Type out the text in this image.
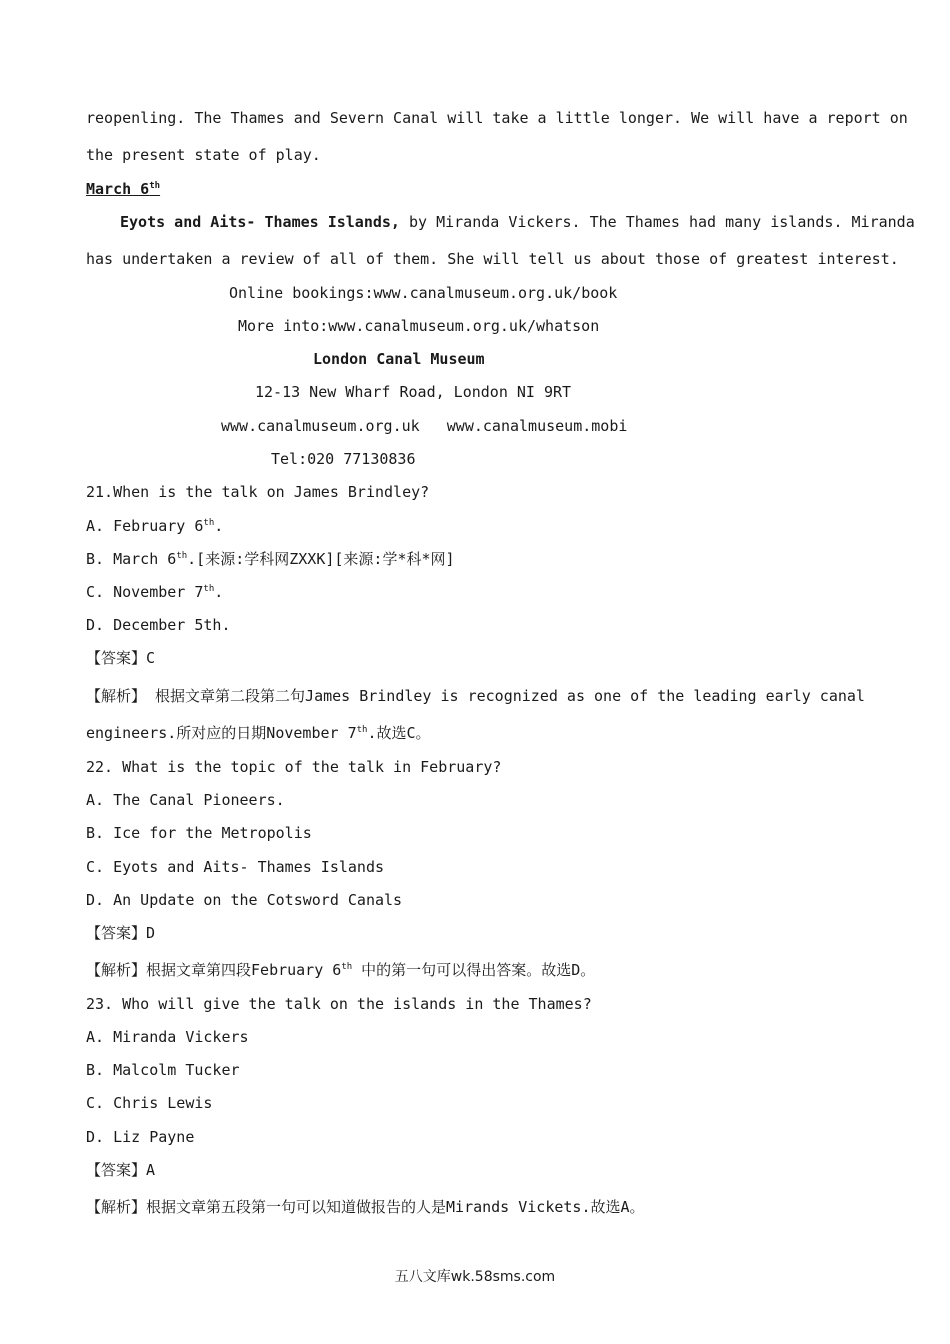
reopenling. The Thames and Severn Canal will take a little longer. We will have a report on
the present state of play.
March 6th
Eyots and Aits- Thames Islands, by Miranda Vickers. The Thames had many islands. Miranda
has undertaken a review of all of them. She will tell us about those of greatest interest.
Online bookings:www.canalmuseum.org.uk/book
More into:www.canalmuseum.org.uk/whatson
London Canal Museum
12-13 New Wharf Road, London NI 9RT
www.canalmuseum.org.uk   www.canalmuseum.mobi
Tel:020 77130836
21.When is the talk on James Brindley?
A. February 6th.
B. March 6th.[来源:学科网ZXXK][来源:学*科*网]
C. November 7th.
D. December 5th.
【答案】C
【解析】 根据文章第二段第二句James Brindley is recognized as one of the leading early canal
engineers.所对应的日期November 7th.故选C。
22. What is the topic of the talk in February?
A. The Canal Pioneers.
B. Ice for the Metropolis
C. Eyots and Aits- Thames Islands
D. An Update on the Cotsword Canals
【答案】D
【解析】根据文章第四段February 6th 中的第一句可以得出答案。故选D。
23. Who will give the talk on the islands in the Thames?
A. Miranda Vickers
B. Malcolm Tucker
C. Chris Lewis
D. Liz Payne
【答案】A
【解析】根据文章第五段第一句可以知道做报告的人是Mirands Vickets.故选A。
五八文库wk.58sms.com
